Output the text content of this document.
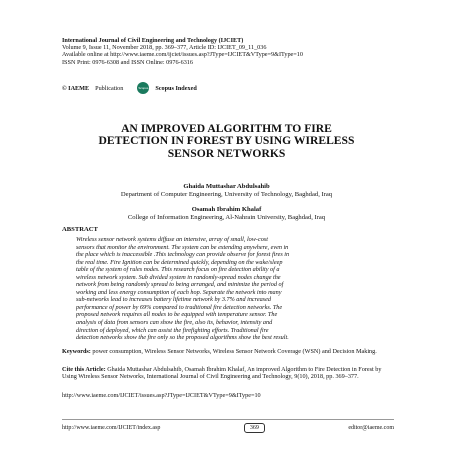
International Journal of Civil Engineering and Technology (IJCIET)
Volume 9, Issue 11, November 2018, pp. 369–377, Article ID: IJCIET_09_11_036
Available online at http://www.iaeme.com/ijciet/issues.asp?JType=IJCIET&VType=9&IType=10
ISSN Print: 0976-6308 and ISSN Online: 0976-6316
© IAEME Publication	Scopus Scopus Indexed
AN IMPROVED ALGORITHM TO FIRE
DETECTION IN FOREST BY USING WIRELESS
SENSOR NETWORKS
Ghaida Muttashar Abdulsahib
Department of Computer Engineering, University of Technology, Baghdad, Iraq
Osamah Ibrahim Khalaf
College of Information Engineering, Al-Nahrain University, Baghdad, Iraq
ABSTRACT
Wireless sensor network systems diffuse an intensive, array of small, low-cost
sensors that monitor the environment. The system can be extending anywhere, even in
the place which is inaccessible .This technology can provide observe for forest fires in
the real time. Fire Ignition can be determined quickly, depending on the wake/sleep
table of the system of rules nodes. This research focus on fire detection ability of a
wireless network system. Sub divided system in randomly-spread nodes change the
network from being randomly spread to being arranged, and minimize the period of
working and less energy consumption of each hop. Separate the network into many
sub-networks lead to increases battery lifetime network by 3.7% and increased
performance of power by 69% compared to traditional fire detection networks. The
proposed network requires all nodes to be equipped with temperature sensor. The
analysis of data from sensors can show the fire, also its, behavior, intensity and
direction of deployed, which can assist the firefighting efforts. Traditional fire
detection networks show the fire only so the proposed algorithms show the best result.
Keywords: power consumption, Wireless Sensor Networks, Wireless Sensor Network Coverage (WSN) and Decision Making.
Cite this Article: Ghaida Muttashar Abdulsahib, Osamah Ibrahim Khalaf, An improved Algorithm to Fire Detection in Forest by Using Wireless Sensor Networks, International Journal of Civil Engineering and Technology, 9(10), 2018, pp. 369–377.
http://www.iaeme.com/IJCIET/issues.asp?JType=IJCIET&VType=9&IType=10
http://www.iaeme.com/IJCIET/index.asp	369	editor@iaeme.com
